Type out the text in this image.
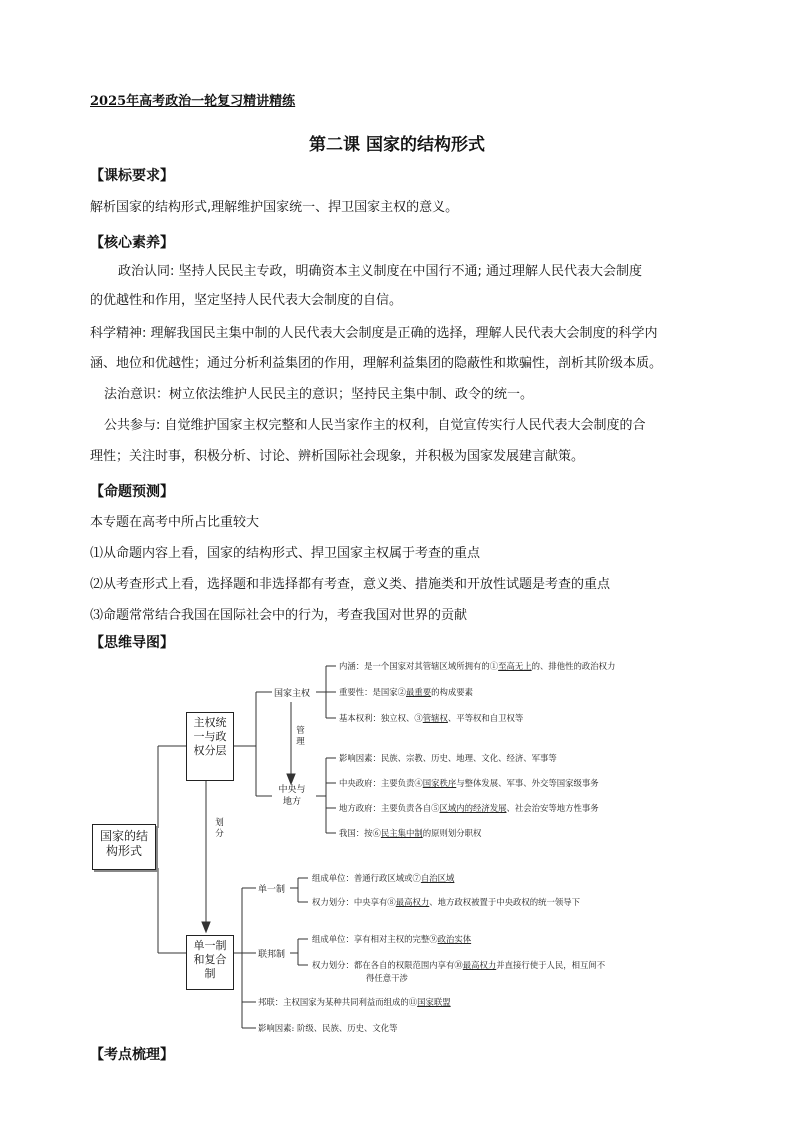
2025年高考政治一轮复习精讲精练
第二课 国家的结构形式
【课标要求】
解析国家的结构形式,理解维护国家统一、捍卫国家主权的意义。
【核心素养】
政治认同: 坚持人民民主专政，明确资本主义制度在中国行不通; 通过理解人民代表大会制度
的优越性和作用，坚定坚持人民代表大会制度的自信。
科学精神: 理解我国民主集中制的人民代表大会制度是正确的选择，理解人民代表大会制度的科学内
涵、地位和优越性；通过分析利益集团的作用，理解利益集团的隐蔽性和欺骗性，剖析其阶级本质。
法治意识：树立依法维护人民民主的意识；坚持民主集中制、政令的统一。
公共参与: 自觉维护国家主权完整和人民当家作主的权利，自觉宣传实行人民代表大会制度的合
理性；关注时事，积极分析、讨论、辨析国际社会现象，并积极为国家发展建言献策。
【命题预测】
本专题在高考中所占比重较大
⑴从命题内容上看，国家的结构形式、捍卫国家主权属于考查的重点
⑵从考查形式上看，选择题和非选择都有考查，意义类、措施类和开放性试题是考查的重点
⑶命题常常结合我国在国际社会中的行为，考查我国对世界的贡献
【思维导图】
国家的结构形式
主权统一与政权分层
单一制和复合制
划分
管理
国家主权
中央与地方
内涵：是一个国家对其管辖区域所拥有的①至高无上的、排他性的政治权力
重要性：是国家②最重要的构成要素
基本权利：独立权、③管辖权、平等权和自卫权等
影响因素：民族、宗教、历史、地理、文化、经济、军事等
中央政府：主要负责④国家秩序与整体发展、军事、外交等国家级事务
地方政府：主要负责各自⑤区域内的经济发展、社会治安等地方性事务
我国：按⑥民主集中制的原则划分职权
单一制
组成单位：普通行政区域或⑦自治区域
权力划分：中央享有⑧最高权力、地方政权被置于中央政权的统一领导下
联邦制
组成单位：享有相对主权的完整⑨政治实体
权力划分：都在各自的权限范围内享有⑩最高权力并直接行使于人民，相互间不
得任意干涉
邦联：主权国家为某种共同利益而组成的⑪国家联盟
影响因素: 阶级、民族、历史、文化等
【考点梳理】
